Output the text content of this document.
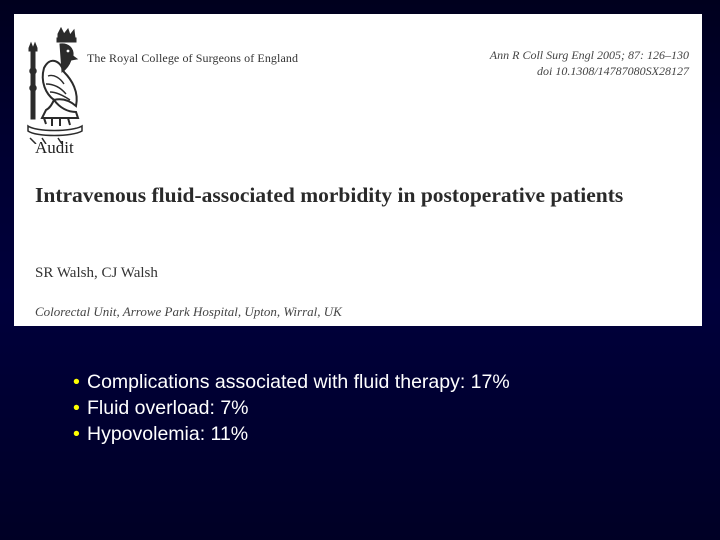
The Royal College of Surgeons of England	Ann R Coll Surg Engl 2005; 87: 126–130
doi 10.1308/14787080SX28127
Audit
Intravenous fluid-associated morbidity in postoperative patients
SR Walsh, CJ Walsh
Colorectal Unit, Arrowe Park Hospital, Upton, Wirral, UK
• Complications associated with fluid therapy: 17%
• Fluid overload: 7%
• Hypovolemia: 11%
